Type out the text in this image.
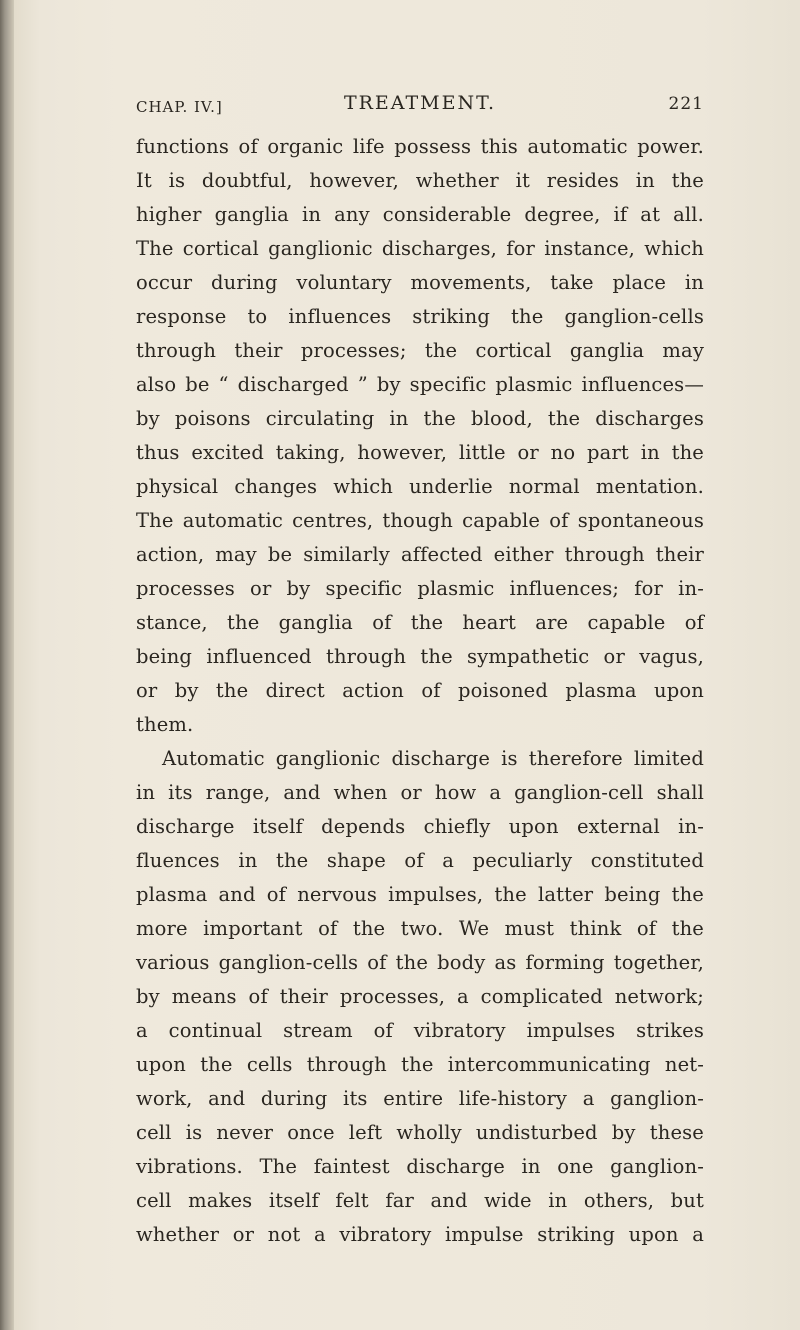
CHAP. IV.]	TREATMENT.	221
functions of organic life possess this automatic power.
It is doubtful, however, whether it resides in the
higher ganglia in any considerable degree, if at all.
The cortical ganglionic discharges, for instance, which
occur during voluntary movements, take place in
response to influences striking the ganglion-cells
through their processes; the cortical ganglia may
also be “ discharged ” by specific plasmic influences—
by poisons circulating in the blood, the discharges
thus excited taking, however, little or no part in the
physical changes which underlie normal mentation.
The automatic centres, though capable of spontaneous
action, may be similarly affected either through their
processes or by specific plasmic influences; for in-
stance, the ganglia of the heart are capable of
being influenced through the sympathetic or vagus,
or by the direct action of poisoned plasma upon
them.
Automatic ganglionic discharge is therefore limited
in its range, and when or how a ganglion-cell shall
discharge itself depends chiefly upon external in-
fluences in the shape of a peculiarly constituted
plasma and of nervous impulses, the latter being the
more important of the two. We must think of the
various ganglion-cells of the body as forming together,
by means of their processes, a complicated network;
a continual stream of vibratory impulses strikes
upon the cells through the intercommunicating net-
work, and during its entire life-history a ganglion-
cell is never once left wholly undisturbed by these
vibrations. The faintest discharge in one ganglion-
cell makes itself felt far and wide in others, but
whether or not a vibratory impulse striking upon a
